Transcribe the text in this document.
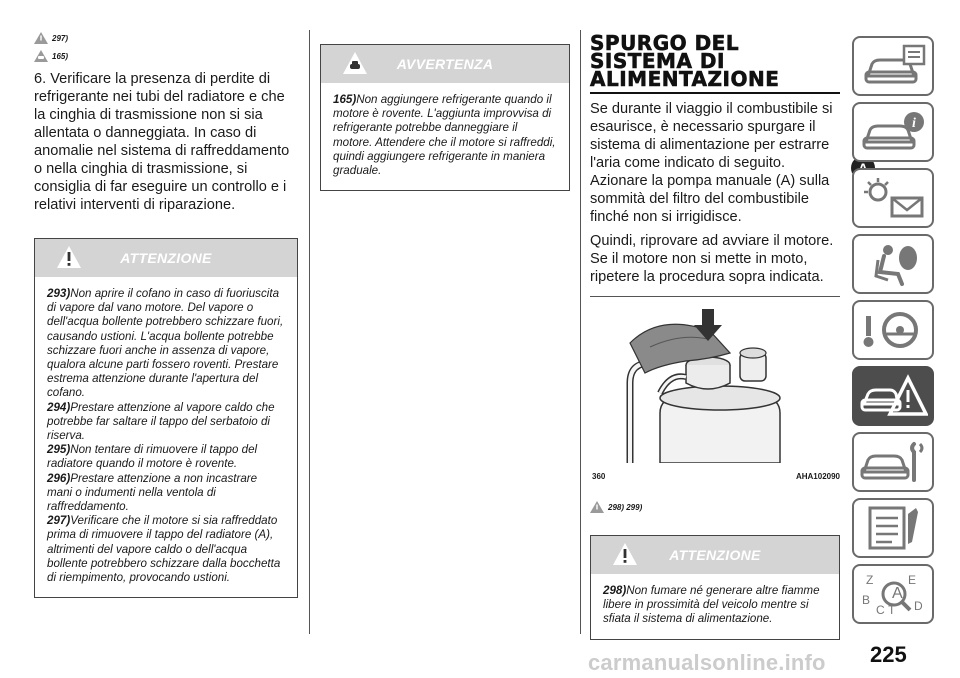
297)
165)

6. Verificare la presenza di perdite di refrigerante nei tubi del radiatore e che la cinghia di trasmissione non si sia allentata o danneggiata. In caso di anomalie nel sistema di raffreddamento o nella cinghia di trasmissione, si consiglia di far eseguire un controllo e i relativi interventi di riparazione.

ATTENZIONE

293)Non aprire il cofano in caso di fuoriuscita di vapore dal vano motore. Del vapore o dell'acqua bollente potrebbero schizzare fuori, causando ustioni. L'acqua bollente potrebbe schizzare fuori anche in assenza di vapore, qualora alcune parti fossero roventi. Prestare estrema attenzione durante l'apertura del cofano.

294)Prestare attenzione al vapore caldo che potrebbe far saltare il tappo del serbatoio di riserva.

295)Non tentare di rimuovere il tappo del radiatore quando il motore è rovente.

296)Prestare attenzione a non incastrare mani o indumenti nella ventola di raffreddamento.

297)Verificare che il motore si sia raffreddato prima di rimuovere il tappo del radiatore (A), altrimenti del vapore caldo o dell'acqua bollente potrebbero schizzare dalla bocchetta di riempimento, provocando ustioni.

AVVERTENZA

165)Non aggiungere refrigerante quando il motore è rovente. L'aggiunta improvvisa di refrigerante potrebbe danneggiare il motore. Attendere che il motore si raffreddi, quindi aggiungere refrigerante in maniera graduale.

SPURGO DEL
SISTEMA DI
ALIMENTAZIONE

Se durante il viaggio il combustibile si esaurisce, è necessario spurgare il sistema di alimentazione per estrarre l'aria come indicato di seguito. Azionare la pompa manuale (A) sulla sommità del filtro del combustibile finché non si irrigidisce.

Quindi, riprovare ad avviare il motore. Se il motore non si mette in moto, ripetere la procedura sopra indicata.

360	AHA102090
298) 299)
ATTENZIONE

298)Non fumare né generare altre fiamme libere in prossimità del veicolo mentre si sfiata il sistema di alimentazione.

i
Z	E
A
B
C T D
carmanualsonline.info 225
